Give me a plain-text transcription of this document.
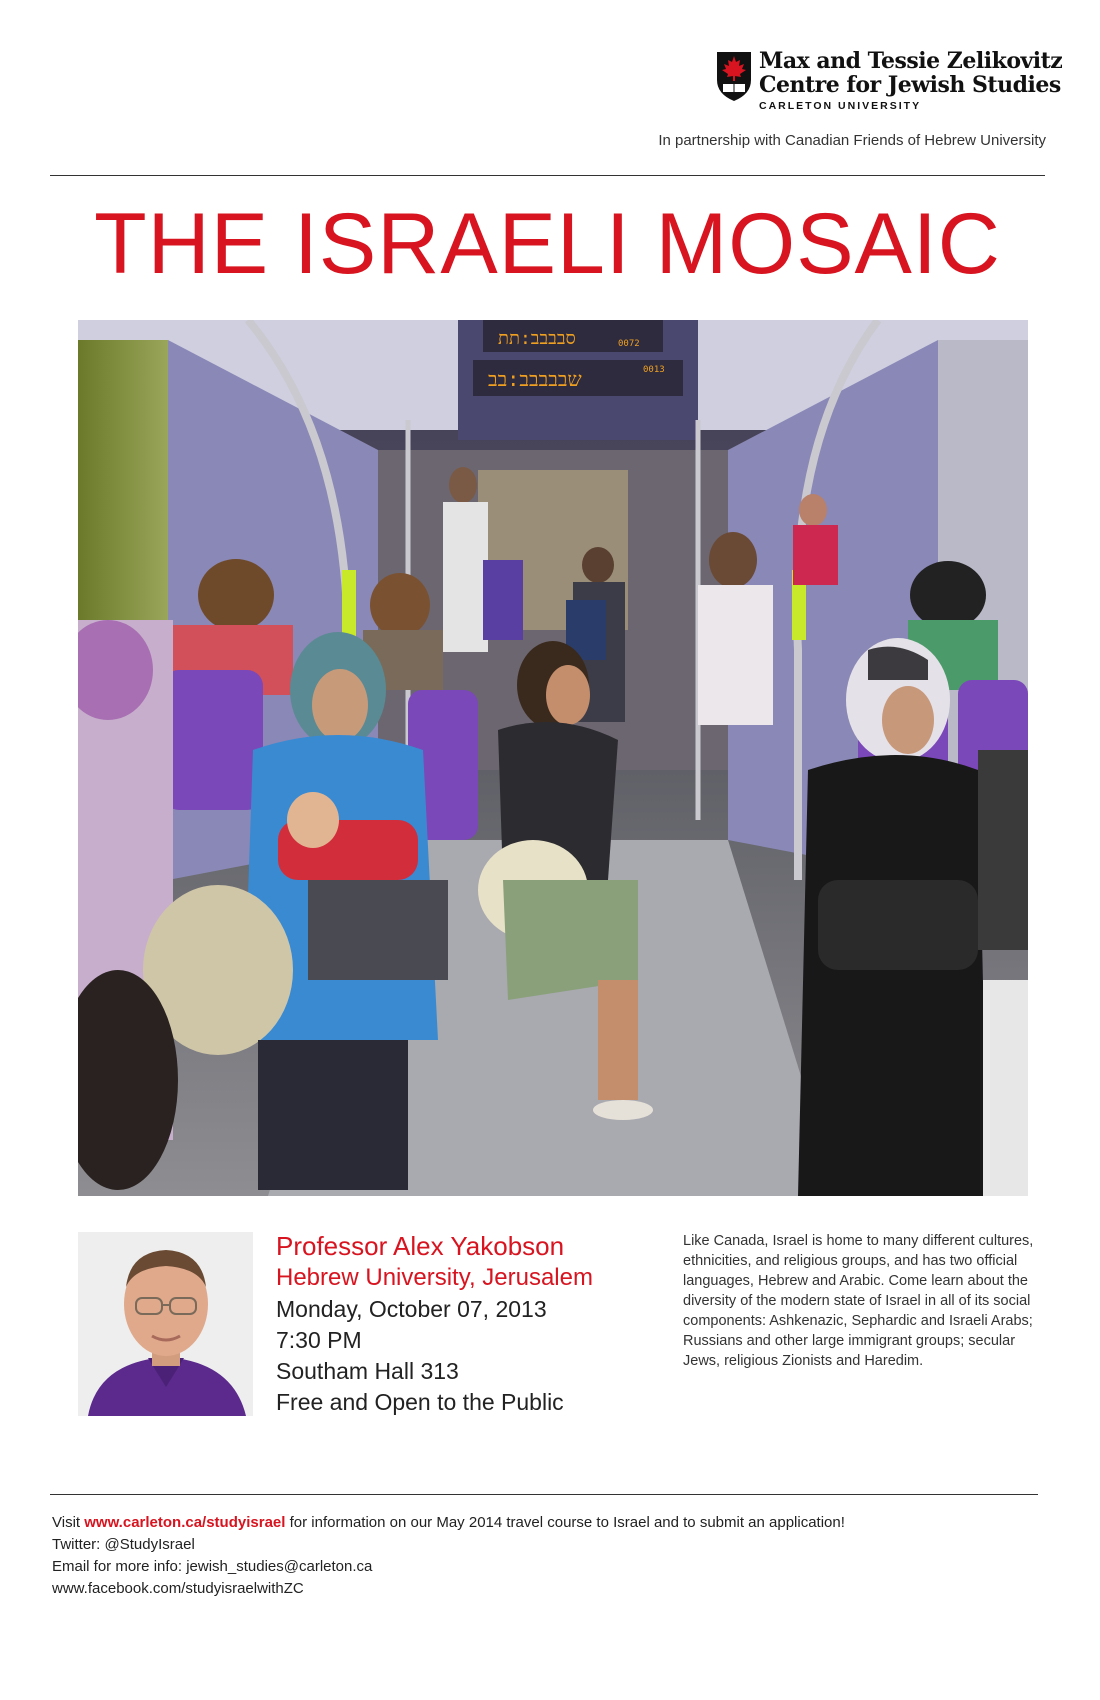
Max and Tessie Zelikovitz
Centre for Jewish Studies
CARLETON UNIVERSITY
In partnership with Canadian Friends of Hebrew University
THE ISRAELI MOSAIC
סבבבב:תת	0072
שבבבבב:בב	0013
Professor Alex Yakobson
Hebrew University, Jerusalem
Monday, October 07, 2013
7:30 PM
Southam Hall 313
Free and Open to the Public

Like Canada, Israel is home to many different cultures, ethnicities, and religious groups, and has two official languages, Hebrew and Arabic. Come learn about the diversity of the modern state of Israel in all of its social components: Ashkenazic, Sephardic and Israeli Arabs; Russians and other large immigrant groups; secular Jews, religious Zionists and Haredim.

Visit www.carleton.ca/studyisrael for information on our May 2014 travel course to Israel and to submit an application!
Twitter: @StudyIsrael
Email for more info: jewish_studies@carleton.ca
www.facebook.com/studyisraelwithZC
